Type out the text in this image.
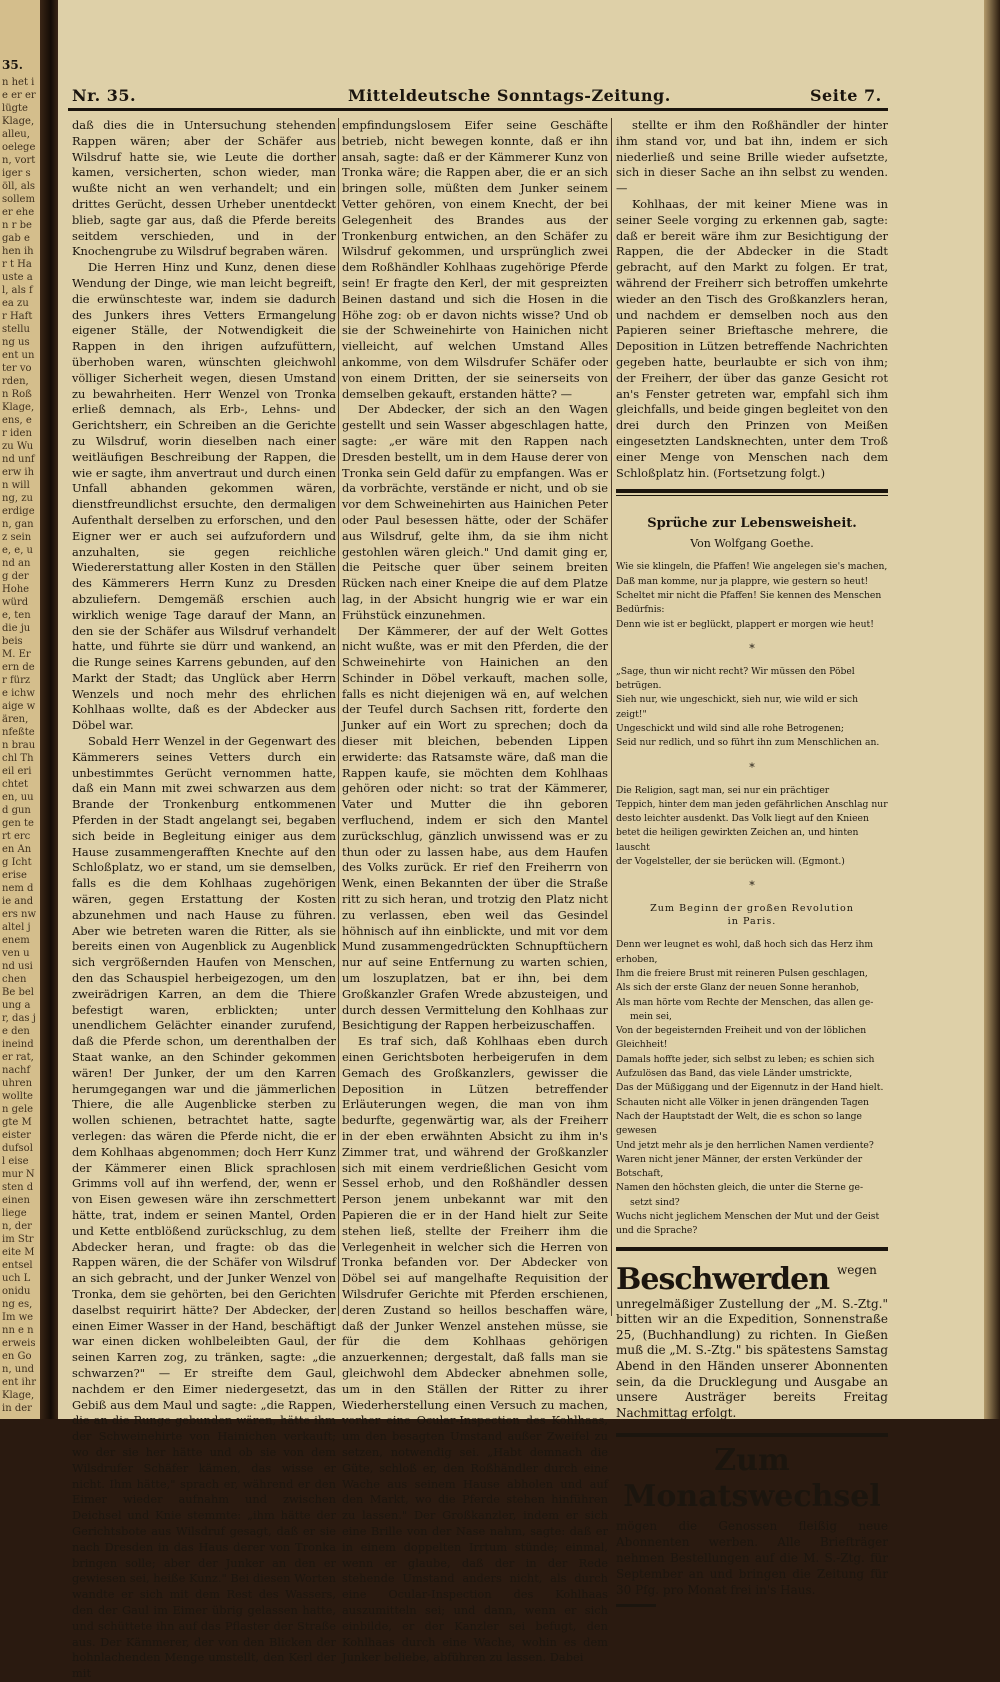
35.
n het ie er erlügte Klage, alleu, oelegen, vortiger söll, als sollemer ehen r begab ehen ihr t Hauste al, als fea zu r Haft stellung us ent unter vorden, n Roß Klage, ens, er iden zu Wund unferw ihn will ng, zu erdigen, ganz seine, e, und ang der Hohe würde, ten die ju beis M. Er ern der fürze ichwaige wären, nfeßten brauchl Theil erichtet en, uud gungen tert erc en Ang Ichterise nem die anders nwaltel jenem ven und usichen Be belung ar, das je den ineinder rat, nachfuhren wollten gelegte Meister dufsoll eise mur Nsten deinen liegen, der im Streite Mentseluch Lonidung es, Im wenn e nerweisen Gon, und ent ihr Klage, in der
Nr. 35.	Mitteldeutsche Sonntags-Zeitung.	Seite 7.

daß dies die in Untersuchung stehenden Rappen wären; aber der Schäfer aus Wilsdruf hatte sie, wie Leute die dorther kamen, versicherten, schon wieder, man wußte nicht an wen verhandelt; und ein drittes Gerücht, dessen Urheber unentdeckt blieb, sagte gar aus, daß die Pferde bereits seitdem verschieden, und in der Knochengrube zu Wilsdruf begraben wären.

Die Herren Hinz und Kunz, denen diese Wendung der Dinge, wie man leicht begreift, die erwünschteste war, indem sie dadurch des Junkers ihres Vetters Ermangelung eigener Ställe, der Notwendigkeit die Rappen in den ihrigen aufzufüttern, überhoben waren, wünschten gleichwohl völliger Sicherheit wegen, diesen Umstand zu bewahrheiten. Herr Wenzel von Tronka erließ demnach, als Erb-, Lehns- und Gerichtsherr, ein Schreiben an die Gerichte zu Wilsdruf, worin dieselben nach einer weitläufigen Beschreibung der Rappen, die wie er sagte, ihm anvertraut und durch einen Unfall abhanden gekommen wären, dienstfreundlichst ersuchte, den dermaligen Aufenthalt derselben zu erforschen, und den Eigner wer er auch sei aufzufordern und anzuhalten, sie gegen reichliche Wiedererstattung aller Kosten in den Ställen des Kämmerers Herrn Kunz zu Dresden abzuliefern. Demgemäß erschien auch wirklich wenige Tage darauf der Mann, an den sie der Schäfer aus Wilsdruf verhandelt hatte, und führte sie dürr und wankend, an die Runge seines Karrens gebunden, auf den Markt der Stadt; das Unglück aber Herrn Wenzels und noch mehr des ehrlichen Kohlhaas wollte, daß es der Abdecker aus Döbel war.

Sobald Herr Wenzel in der Gegenwart des Kämmerers seines Vetters durch ein unbestimmtes Gerücht vernommen hatte, daß ein Mann mit zwei schwarzen aus dem Brande der Tronkenburg entkommenen Pferden in der Stadt angelangt sei, begaben sich beide in Begleitung einiger aus dem Hause zusammengerafften Knechte auf den Schloßplatz, wo er stand, um sie demselben, falls es die dem Kohlhaas zugehörigen wären, gegen Erstattung der Kosten abzunehmen und nach Hause zu führen. Aber wie betreten waren die Ritter, als sie bereits einen von Augenblick zu Augenblick sich vergrößernden Haufen von Menschen, den das Schauspiel herbeigezogen, um den zweirädrigen Karren, an dem die Thiere befestigt waren, erblickten; unter unendlichem Gelächter einander zurufend, daß die Pferde schon, um derenthalben der Staat wanke, an den Schinder gekommen wären! Der Junker, der um den Karren herumgegangen war und die jämmerlichen Thiere, die alle Augenblicke sterben zu wollen schienen, betrachtet hatte, sagte verlegen: das wären die Pferde nicht, die er dem Kohlhaas abgenommen; doch Herr Kunz der Kämmerer einen Blick sprachlosen Grimms voll auf ihn werfend, der, wenn er von Eisen gewesen wäre ihn zerschmettert hätte, trat, indem er seinen Mantel, Orden und Kette entblößend zurückschlug, zu dem Abdecker heran, und fragte: ob das die Rappen wären, die der Schäfer von Wilsdruf an sich gebracht, und der Junker Wenzel von Tronka, dem sie gehörten, bei den Gerichten daselbst requirirt hätte? Der Abdecker, der einen Eimer Wasser in der Hand, beschäftigt war einen dicken wohlbeleibten Gaul, der seinen Karren zog, zu tränken, sagte: „die schwarzen?" — Er streifte dem Gaul, nachdem er den Eimer niedergesetzt, das Gebiß aus dem Maul und sagte: „die Rappen, die an die Runge gebunden wären, hätte ihm der Schweinehirte von Hainichen verkauft; wo der sie her hätte und ob sie von dem Wilsdrufer Schäfer kämen, das wisse er nicht. Ihm hätte," sprach er, während er den Eimer wieder aufnahm und zwischen Deichsel und Knie stemmte: „ihm hätte der Gerichtsbote aus Wilsdruf gesagt, daß er sie nach Dresden in das Haus derer von Tronka bringen solle; aber der Junker an den er gewiesen sei, heiße Kunz." Bei diesen Worten wandte er sich mit dem Rest des Wassers, den der Gaul im Eimer übrig gelassen hatte, und schüttete ihn auf das Pflaster der Straße aus. Der Kämmerer, der von den Blicken der hohnlachenden Menge umstellt, den Kerl der mit

empfindungslosem Eifer seine Geschäfte betrieb, nicht bewegen konnte, daß er ihn ansah, sagte: daß er der Kämmerer Kunz von Tronka wäre; die Rappen aber, die er an sich bringen solle, müßten dem Junker seinem Vetter gehören, von einem Knecht, der bei Gelegenheit des Brandes aus der Tronkenburg entwichen, an den Schäfer zu Wilsdruf gekommen, und ursprünglich zwei dem Roßhändler Kohlhaas zugehörige Pferde sein! Er fragte den Kerl, der mit gespreizten Beinen dastand und sich die Hosen in die Höhe zog: ob er davon nichts wisse? Und ob sie der Schweinehirte von Hainichen nicht vielleicht, auf welchen Umstand Alles ankomme, von dem Wilsdrufer Schäfer oder von einem Dritten, der sie seinerseits von demselben gekauft, erstanden hätte? —

Der Abdecker, der sich an den Wagen gestellt und sein Wasser abgeschlagen hatte, sagte: „er wäre mit den Rappen nach Dresden bestellt, um in dem Hause derer von Tronka sein Geld dafür zu empfangen. Was er da vorbrächte, verstände er nicht, und ob sie vor dem Schweinehirten aus Hainichen Peter oder Paul besessen hätte, oder der Schäfer aus Wilsdruf, gelte ihm, da sie ihm nicht gestohlen wären gleich." Und damit ging er, die Peitsche quer über seinem breiten Rücken nach einer Kneipe die auf dem Platze lag, in der Absicht hungrig wie er war ein Frühstück einzunehmen.

Der Kämmerer, der auf der Welt Gottes nicht wußte, was er mit den Pferden, die der Schweinehirte von Hainichen an den Schinder in Döbel verkauft, machen solle, falls es nicht diejenigen wä en, auf welchen der Teufel durch Sachsen ritt, forderte den Junker auf ein Wort zu sprechen; doch da dieser mit bleichen, bebenden Lippen erwiderte: das Ratsamste wäre, daß man die Rappen kaufe, sie möchten dem Kohlhaas gehören oder nicht: so trat der Kämmerer, Vater und Mutter die ihn geboren verfluchend, indem er sich den Mantel zurückschlug, gänzlich unwissend was er zu thun oder zu lassen habe, aus dem Haufen des Volks zurück. Er rief den Freiherrn von Wenk, einen Bekannten der über die Straße ritt zu sich heran, und trotzig den Platz nicht zu verlassen, eben weil das Gesindel höhnisch auf ihn einblickte, und mit vor dem Mund zusammengedrückten Schnupftüchern nur auf seine Entfernung zu warten schien, um loszuplatzen, bat er ihn, bei dem Großkanzler Grafen Wrede abzusteigen, und durch dessen Vermittelung den Kohlhaas zur Besichtigung der Rappen herbeizuschaffen.

Es traf sich, daß Kohlhaas eben durch einen Gerichtsboten herbeigerufen in dem Gemach des Großkanzlers, gewisser die Deposition in Lützen betreffender Erläuterungen wegen, die man von ihm bedurfte, gegenwärtig war, als der Freiherr in der eben erwähnten Absicht zu ihm in's Zimmer trat, und während der Großkanzler sich mit einem verdrießlichen Gesicht vom Sessel erhob, und den Roßhändler dessen Person jenem unbekannt war mit den Papieren die er in der Hand hielt zur Seite stehen ließ, stellte der Freiherr ihm die Verlegenheit in welcher sich die Herren von Tronka befanden vor. Der Abdecker von Döbel sei auf mangelhafte Requisition der Wilsdrufer Gerichte mit Pferden erschienen, deren Zustand so heillos beschaffen wäre, daß der Junker Wenzel anstehen müsse, sie für die dem Kohlhaas gehörigen anzuerkennen; dergestalt, daß falls man sie gleichwohl dem Abdecker abnehmen solle, um in den Ställen der Ritter zu ihrer Wiederherstellung einen Versuch zu machen, vorher eine Ocular-Inspection des Kohlhaas, um den besagten Umstand außer Zweifel zu setzen, notwendig sei. „Habt demnach die Güte, schloß er, den Roßhändler durch eine Wache aus seinem Hause abholen und auf den Markt, wo die Pferde stehen hinführen zu lassen." Der Großkanzler, indem er sich eine Brille von der Nase nahm, sagte: daß er in einem doppelten Irrtum stünde; einmal, wenn er glaube, daß der in der Rede stehende Umstand anders nicht, als durch eine Ocular-Inspection des Kohlhaas auszumitteln sei; und dann, wenn er sich einbilde, er der Kanzler sei befugt, den Kohlhaas durch eine Wache, wohin es dem Junker beliebe, abführen zu lassen. Dabei

stellte er ihm den Roßhändler der hinter ihm stand vor, und bat ihn, indem er sich niederließ und seine Brille wieder aufsetzte, sich in dieser Sache an ihn selbst zu wenden. —

Kohlhaas, der mit keiner Miene was in seiner Seele vorging zu erkennen gab, sagte: daß er bereit wäre ihm zur Besichtigung der Rappen, die der Abdecker in die Stadt gebracht, auf den Markt zu folgen. Er trat, während der Freiherr sich betroffen umkehrte wieder an den Tisch des Großkanzlers heran, und nachdem er demselben noch aus den Papieren seiner Brieftasche mehrere, die Deposition in Lützen betreffende Nachrichten gegeben hatte, beurlaubte er sich von ihm; der Freiherr, der über das ganze Gesicht rot an's Fenster getreten war, empfahl sich ihm gleichfalls, und beide gingen begleitet von den drei durch den Prinzen von Meißen eingesetzten Landsknechten, unter dem Troß einer Menge von Menschen nach dem Schloßplatz hin. (Fortsetzung folgt.)

Sprüche zur Lebensweisheit.
Von Wolfgang Goethe.
Wie sie klingeln, die Pfaffen! Wie angelegen sie's machen,
Daß man komme, nur ja plappre, wie gestern so heut!
Scheltet mir nicht die Pfaffen! Sie kennen des Menschen
Bedürfnis:
Denn wie ist er beglückt, plappert er morgen wie heut!
*
„Sage, thun wir nicht recht? Wir müssen den Pöbel
betrügen.
Sieh nur, wie ungeschickt, sieh nur, wie wild er sich zeigt!"
Ungeschickt und wild sind alle rohe Betrogenen;
Seid nur redlich, und so führt ihn zum Menschlichen an.
*
Die Religion, sagt man, sei nur ein prächtiger
Teppich, hinter dem man jeden gefährlichen Anschlag nur
desto leichter ausdenkt. Das Volk liegt auf den Knieen
betet die heiligen gewirkten Zeichen an, und hinten lauscht
der Vogelsteller, der sie berücken will. (Egmont.)
*
Zum Beginn der großen Revolution
in Paris.
Denn wer leugnet es wohl, daß hoch sich das Herz ihm
erhoben,
Ihm die freiere Brust mit reineren Pulsen geschlagen,
Als sich der erste Glanz der neuen Sonne heranhob,
Als man hörte vom Rechte der Menschen, das allen ge-
mein sei,
Von der begeisternden Freiheit und von der löblichen
Gleichheit!
Damals hoffte jeder, sich selbst zu leben; es schien sich
Aufzulösen das Band, das viele Länder umstrickte,
Das der Müßiggang und der Eigennutz in der Hand hielt.
Schauten nicht alle Völker in jenen drängenden Tagen
Nach der Hauptstadt der Welt, die es schon so lange
gewesen
Und jetzt mehr als je den herrlichen Namen verdiente?
Waren nicht jener Männer, der ersten Verkünder der
Botschaft,
Namen den höchsten gleich, die unter die Sterne ge-
setzt sind?
Wuchs nicht jeglichem Menschen der Mut und der Geist
und die Sprache?
Beschwerden wegen unregelmäßiger Zustellung der „M. S.-Ztg." bitten wir an die Expedition, Sonnenstraße 25, (Buchhandlung) zu richten. In Gießen muß die „M. S.-Ztg." bis spätestens Samstag Abend in den Händen unserer Abonnenten sein, da die Drucklegung und Ausgabe an unsere Austräger bereits Freitag Nachmittag erfolgt.
Zum Monatswechsel
mögen die Genossen fleißig neue Abonnenten werben. Alle Briefträger nehmen Bestellungen auf die M. S.-Ztg. für September an und bringen die Zeitung für 30 Pfg. pro Monat frei in's Haus.
